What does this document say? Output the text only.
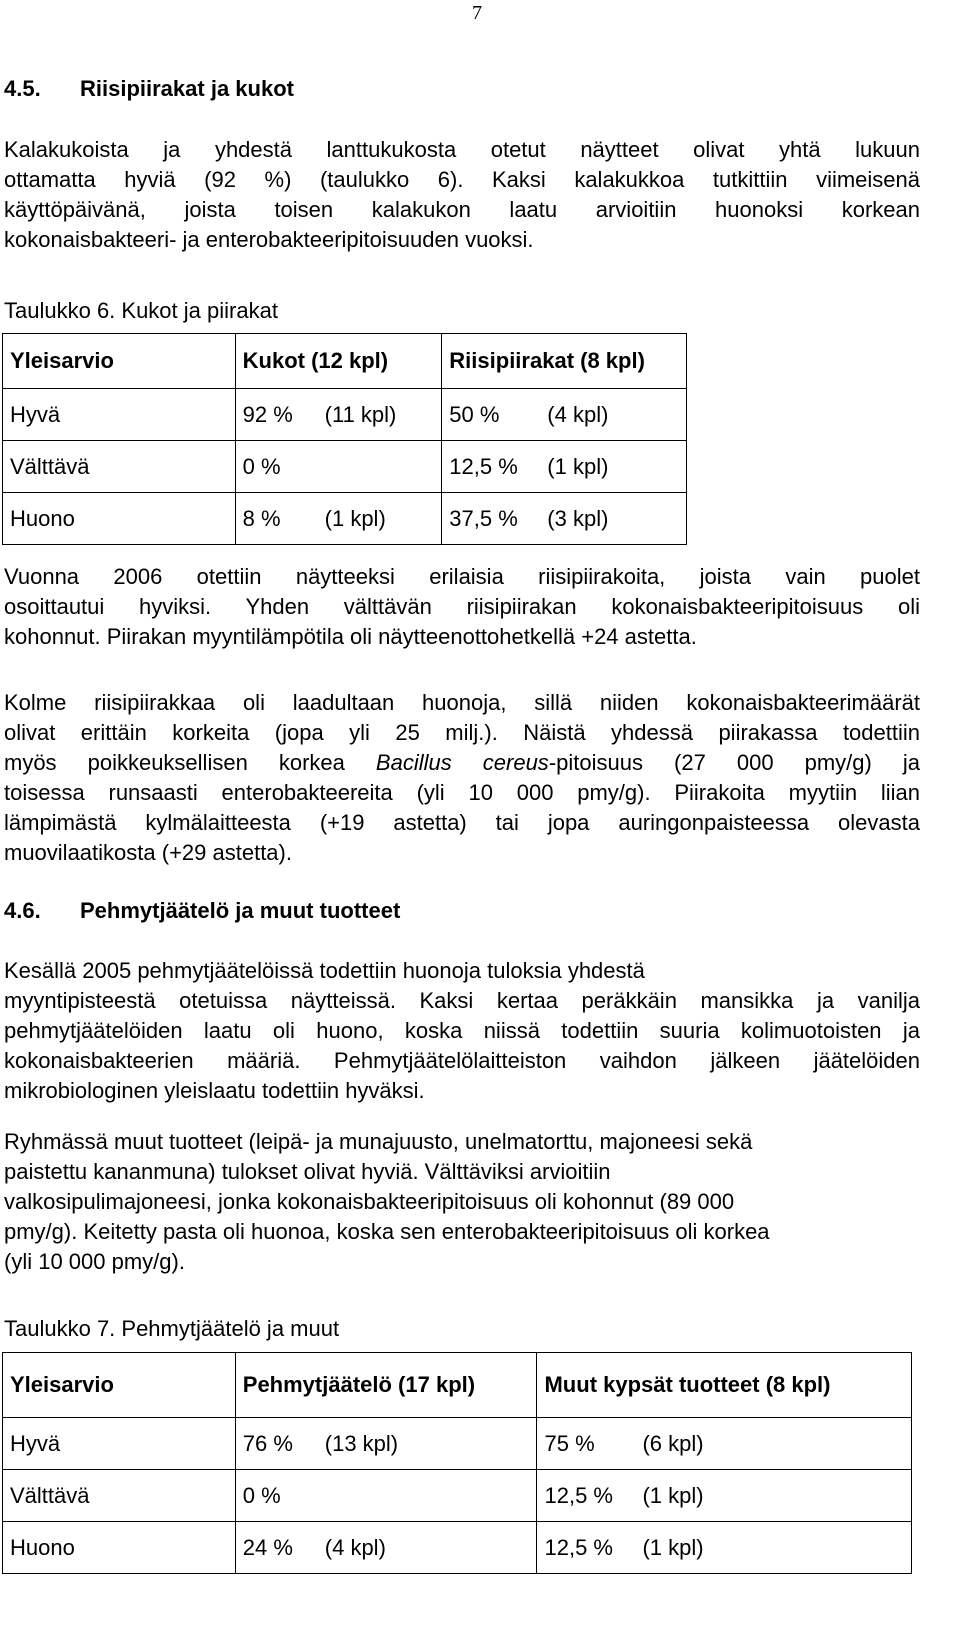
7
4.5. Riisipiirakat ja kukot
Kalakukoista ja yhdestä lanttukukosta otetut näytteet olivat yhtä lukuun
ottamatta hyviä (92 %) (taulukko 6). Kaksi kalakukkoa tutkittiin viimeisenä
käyttöpäivänä, joista toisen kalakukon laatu arvioitiin huonoksi korkean
kokonaisbakteeri- ja enterobakteeripitoisuuden vuoksi.
Taulukko 6. Kukot ja piirakat
Yleisarvio	Kukot (12 kpl)	Riisipiirakat (8 kpl)
Hyvä	92 % (11 kpl)	50 % (4 kpl)
Välttävä	0 %	12,5 % (1 kpl)
Huono	8 % (1 kpl)	37,5 % (3 kpl)
Vuonna 2006 otettiin näytteeksi erilaisia riisipiirakoita, joista vain puolet
osoittautui hyviksi. Yhden välttävän riisipiirakan kokonaisbakteeripitoisuus oli
kohonnut. Piirakan myyntilämpötila oli näytteenottohetkellä +24 astetta.
Kolme riisipiirakkaa oli laadultaan huonoja, sillä niiden kokonaisbakteerimäärät
olivat erittäin korkeita (jopa yli 25 milj.). Näistä yhdessä piirakassa todettiin
myös poikkeuksellisen korkea Bacillus cereus-pitoisuus (27 000 pmy/g) ja
toisessa runsaasti enterobakteereita (yli 10 000 pmy/g). Piirakoita myytiin liian
lämpimästä kylmälaitteesta (+19 astetta) tai jopa auringonpaisteessa olevasta
muovilaatikosta (+29 astetta).
4.6. Pehmytjäätelö ja muut tuotteet
Kesällä 2005 pehmytjäätelöissä todettiin huonoja tuloksia yhdestä
myyntipisteestä otetuissa näytteissä. Kaksi kertaa peräkkäin mansikka ja vanilja
pehmytjäätelöiden laatu oli huono, koska niissä todettiin suuria kolimuotoisten ja
kokonaisbakteerien määriä. Pehmytjäätelölaitteiston vaihdon jälkeen jäätelöiden
mikrobiologinen yleislaatu todettiin hyväksi.
Ryhmässä muut tuotteet (leipä- ja munajuusto, unelmatorttu, majoneesi sekä
paistettu kananmuna) tulokset olivat hyviä. Välttäviksi arvioitiin
valkosipulimajoneesi, jonka kokonaisbakteeripitoisuus oli kohonnut (89 000
pmy/g). Keitetty pasta oli huonoa, koska sen enterobakteeripitoisuus oli korkea
(yli 10 000 pmy/g).
Taulukko 7. Pehmytjäätelö ja muut
Yleisarvio	Pehmytjäätelö (17 kpl)	Muut kypsät tuotteet (8 kpl)
Hyvä	76 % (13 kpl)	75 % (6 kpl)
Välttävä	0 %	12,5 % (1 kpl)
Huono	24 % (4 kpl)	12,5 % (1 kpl)
